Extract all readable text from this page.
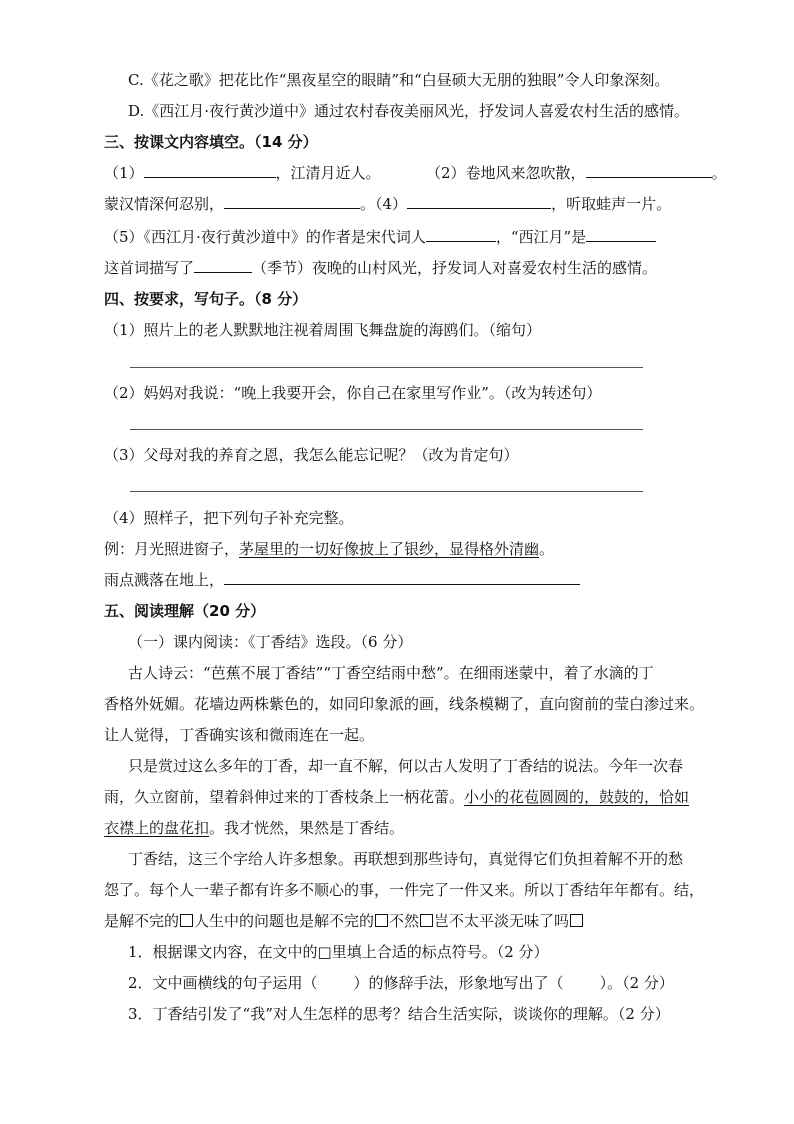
C.《花之歌》把花比作“黑夜星空的眼睛”和“白昼硕大无朋的独眼”令人印象深刻。
D.《西江月·夜行黄沙道中》通过农村春夜美丽风光，抒发词人喜爱农村生活的感情。
三、按课文内容填空。（14 分）
（1）	，江清月近人。	（2）卷地风来忽吹散，	。
蒙汉情深何忍别，	。（4）	，听取蛙声一片。
（5）《西江月·夜行黄沙道中》的作者是宋代词人	，“西江月”是
这首词描写了	（季节）夜晚的山村风光，抒发词人对喜爱农村生活的感情。
四、按要求，写句子。（8 分）
（1）照片上的老人默默地注视着周围飞舞盘旋的海鸥们。（缩句）
（2）妈妈对我说：“晚上我要开会，你自己在家里写作业”。（改为转述句）
（3）父母对我的养育之恩，我怎么能忘记呢？（改为肯定句）
（4）照样子，把下列句子补充完整。
例：月光照进窗子，茅屋里的一切好像披上了银纱，显得格外清幽。
雨点溅落在地上，
五、阅读理解（20 分）
（一）课内阅读：《丁香结》选段。（6 分）
古人诗云：“芭蕉不展丁香结”“丁香空结雨中愁”。在细雨迷蒙中，着了水滴的丁
香格外妩媚。花墙边两株紫色的，如同印象派的画，线条模糊了，直向窗前的莹白渗过来。
让人觉得，丁香确实该和微雨连在一起。
只是赏过这么多年的丁香，却一直不解，何以古人发明了丁香结的说法。今年一次春
雨，久立窗前，望着斜伸过来的丁香枝条上一柄花蕾。小小的花苞圆圆的，鼓鼓的，恰如
衣襟上的盘花扣。我才恍然，果然是丁香结。
丁香结，这三个字给人许多想象。再联想到那些诗句，真觉得它们负担着解不开的愁
怨了。每个人一辈子都有许多不顺心的事，一件完了一件又来。所以丁香结年年都有。结，
是解不完的 人生中的问题也是解不完的 不然 岂不太平淡无味了吗
1．根据课文内容，在文中的□里填上合适的标点符号。（2 分）
2．文中画横线的句子运用（ ）的修辞手法，形象地写出了（ ）。（2 分）
3．丁香结引发了“我”对人生怎样的思考？结合生活实际，谈谈你的理解。（2 分）
